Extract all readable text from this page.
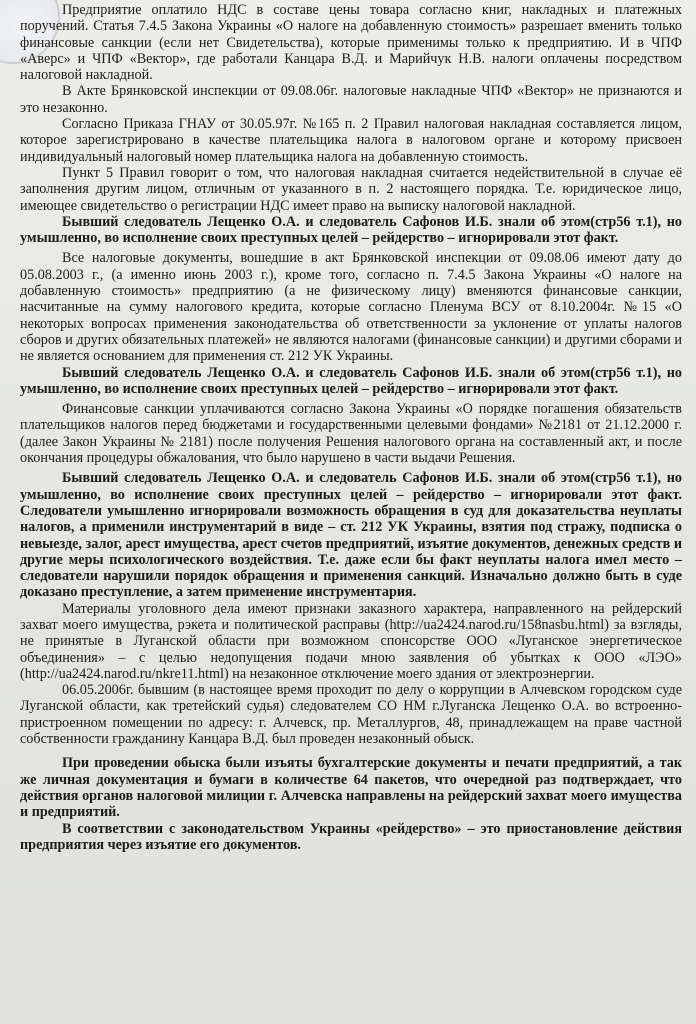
Предприятие оплатило НДС в составе цены товара согласно книг, накладных и платежных поручений. Статья 7.4.5 Закона Украины «О налоге на добавленную стоимость» разрешает вменить только финансовые санкции (если нет Свидетельства), которые применимы только к предприятию. И в ЧПФ «Аверс» и ЧПФ «Вектор», где работали Канцара В.Д. и Марийчук Н.В. налоги оплачены посредством налоговой накладной.

В Акте Брянковской инспекции от 09.08.06г. налоговые накладные ЧПФ «Вектор» не признаются и это незаконно.

Согласно Приказа ГНАУ от 30.05.97г. №165 п. 2 Правил налоговая накладная составляется лицом, которое зарегистрировано в качестве плательщика налога в налоговом органе и которому присвоен индивидуальный налоговый номер плательщика налога на добавленную стоимость.

Пункт 5 Правил говорит о том, что налоговая накладная считается недействительной в случае её заполнения другим лицом, отличным от указанного в п. 2 настоящего порядка. Т.е. юридическое лицо, имеющее свидетельство о регистрации НДС имеет право на выписку налоговой накладной.

Бывший следователь Лещенко О.А. и следователь Сафонов И.Б. знали об этом(стр56 т.1), но умышленно, во исполнение своих преступных целей – рейдерство – игнорировали этот факт.

Все налоговые документы, вошедшие в акт Брянковской инспекции от 09.08.06 имеют дату до 05.08.2003 г., (а именно июнь 2003 г.), кроме того, согласно п. 7.4.5 Закона Украины «О налоге на добавленную стоимость» предприятию (а не физическому лицу) вменяются финансовые санкции, насчитанные на сумму налогового кредита, которые согласно Пленума ВСУ от 8.10.2004г. №15 «О некоторых вопросах применения законодательства об ответственности за уклонение от уплаты налогов сборов и других обязательных платежей» не являются налогами (финансовые санкции) и другими сборами и не является основанием для применения ст. 212 УК Украины.

Бывший следователь Лещенко О.А. и следователь Сафонов И.Б. знали об этом(стр56 т.1), но умышленно, во исполнение своих преступных целей – рейдерство – игнорировали этот факт.

Финансовые санкции уплачиваются согласно Закона Украины «О порядке погашения обязательств плательщиков налогов перед бюджетами и государственными целевыми фондами» №2181 от 21.12.2000 г. (далее Закон Украины № 2181) после получения Решения налогового органа на составленный акт, и после окончания процедуры обжалования, что было нарушено в части выдачи Решения.

Бывший следователь Лещенко О.А. и следователь Сафонов И.Б. знали об этом(стр56 т.1), но умышленно, во исполнение своих преступных целей – рейдерство – игнорировали этот факт. Следователи умышленно игнорировали возможность обращения в суд для доказательства неуплаты налогов, а применили инструментарий в виде – ст. 212 УК Украины, взятия под стражу, подписка о невыезде, залог, арест имущества, арест счетов предприятий, изъятие документов, денежных средств и другие меры психологического воздействия. Т.е. даже если бы факт неуплаты налога имел место – следователи нарушили порядок обращения и применения санкций. Изначально должно быть в суде доказано преступление, а затем применение инструментария.

Материалы уголовного дела имеют признаки заказного характера, направленного на рейдерский захват моего имущества, рэкета и политической расправы (http://ua2424.narod.ru/158nasbu.html) за взгляды, не принятые в Луганской области при возможном спонсорстве ООО «Луганское энергетическое объединения» – с целью недопущения подачи мною заявления об убытках к ООО «ЛЭО» (http://ua2424.narod.ru/nkre11.html) на незаконное отключение моего здания от электроэнергии.

06.05.2006г. бывшим (в настоящее время проходит по делу о коррупции в Алчевском городском суде Луганской области, как третейский судья) следователем СО НМ г.Луганска Лещенко О.А. во встроенно-пристроенном помещении по адресу: г. Алчевск, пр. Металлургов, 48, принадлежащем на праве частной собственности гражданину Канцара В.Д. был проведен незаконный обыск.

При проведении обыска были изъяты бухгалтерские документы и печати предприятий, а так же личная документация и бумаги в количестве 64 пакетов, что очередной раз подтверждает, что действия органов налоговой милиции г. Алчевска направлены на рейдерский захват моего имущества и предприятий.

В соответствии с законодательством Украины «рейдерство» – это приостановление действия предприятия через изъятие его документов.
